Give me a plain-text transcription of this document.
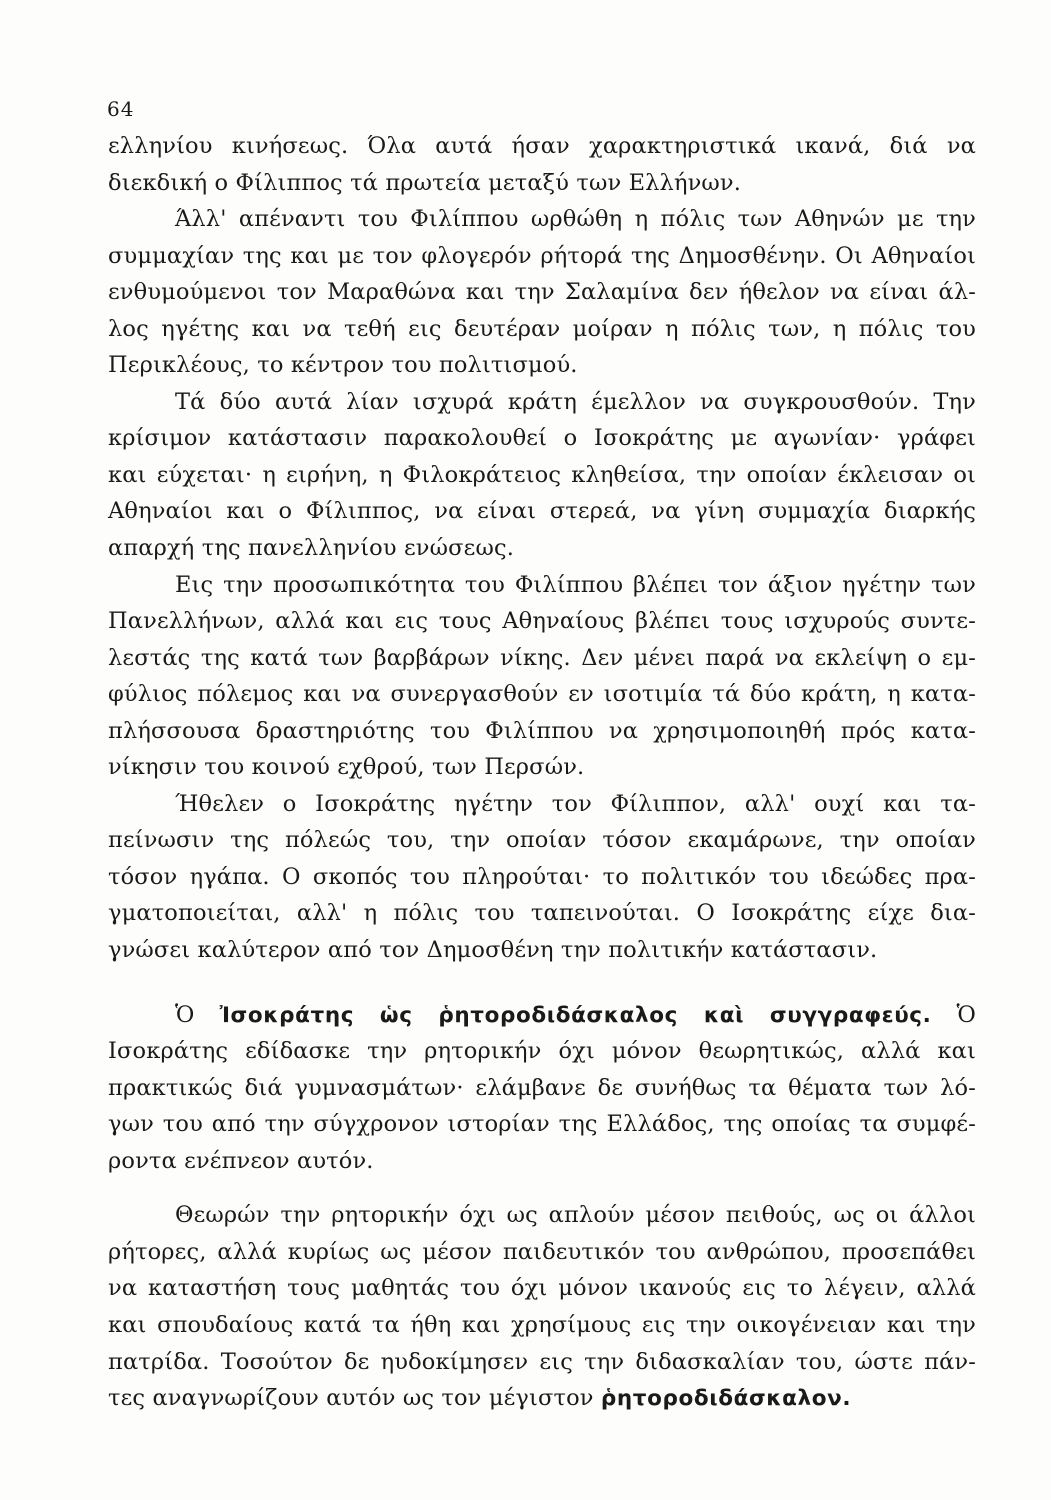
64
ελληνίου κινήσεως. Όλα αυτά ήσαν χαρακτηριστικά ικανά, διά να
διεκδική ο Φίλιππος τά πρωτεία μεταξύ των Ελλήνων.
Άλλ' απέναντι του Φιλίππου ωρθώθη η πόλις των Αθηνών με την
συμμαχίαν της και με τον φλογερόν ρήτορά της Δημοσθένην. Οι Αθηναίοι
ενθυμούμενοι τον Μαραθώνα και την Σαλαμίνα δεν ήθελον να είναι άλ-
λος ηγέτης και να τεθή εις δευτέραν μοίραν η πόλις των, η πόλις του
Περικλέους, το κέντρον του πολιτισμού.
Τά δύο αυτά λίαν ισχυρά κράτη έμελλον να συγκρουσθούν. Την
κρίσιμον κατάστασιν παρακολουθεί ο Ισοκράτης με αγωνίαν· γράφει
και εύχεται· η ειρήνη, η Φιλοκράτειος κληθείσα, την οποίαν έκλεισαν οι
Αθηναίοι και ο Φίλιππος, να είναι στερεά, να γίνη συμμαχία διαρκής
απαρχή της πανελληνίου ενώσεως.
Εις την προσωπικότητα του Φιλίππου βλέπει τον άξιον ηγέτην των
Πανελλήνων, αλλά και εις τους Αθηναίους βλέπει τους ισχυρούς συντε-
λεστάς της κατά των βαρβάρων νίκης. Δεν μένει παρά να εκλείψη ο εμ-
φύλιος πόλεμος και να συνεργασθούν εν ισοτιμία τά δύο κράτη, η κατα-
πλήσσουσα δραστηριότης του Φιλίππου να χρησιμοποιηθή πρός κατα-
νίκησιν του κοινού εχθρού, των Περσών.
Ήθελεν ο Ισοκράτης ηγέτην τον Φίλιππον, αλλ' ουχί και τα-
πείνωσιν της πόλεώς του, την οποίαν τόσον εκαμάρωνε, την οποίαν
τόσον ηγάπα. Ο σκοπός του πληρούται· το πολιτικόν του ιδεώδες πρα-
γματοποιείται, αλλ' η πόλις του ταπεινούται. Ο Ισοκράτης είχε δια-
γνώσει καλύτερον από τον Δημοσθένη την πολιτικήν κατάστασιν.
Ὁ Ἰσοκράτης ὡς ῥητοροδιδάσκαλος καὶ συγγραφεύς. Ὁ
Ισοκράτης εδίδασκε την ρητορικήν όχι μόνον θεωρητικώς, αλλά και
πρακτικώς διά γυμνασμάτων· ελάμβανε δε συνήθως τα θέματα των λό-
γων του από την σύγχρονον ιστορίαν της Ελλάδος, της οποίας τα συμφέ-
ροντα ενέπνεον αυτόν.
Θεωρών την ρητορικήν όχι ως απλούν μέσον πειθούς, ως οι άλλοι
ρήτορες, αλλά κυρίως ως μέσον παιδευτικόν του ανθρώπου, προσεπάθει
να καταστήση τους μαθητάς του όχι μόνον ικανούς εις το λέγειν, αλλά
και σπουδαίους κατά τα ήθη και χρησίμους εις την οικογένειαν και την
πατρίδα. Τοσούτον δε ηυδοκίμησεν εις την διδασκαλίαν του, ώστε πάν-
τες αναγνωρίζουν αυτόν ως τον μέγιστον ῥητοροδιδάσκαλον.
